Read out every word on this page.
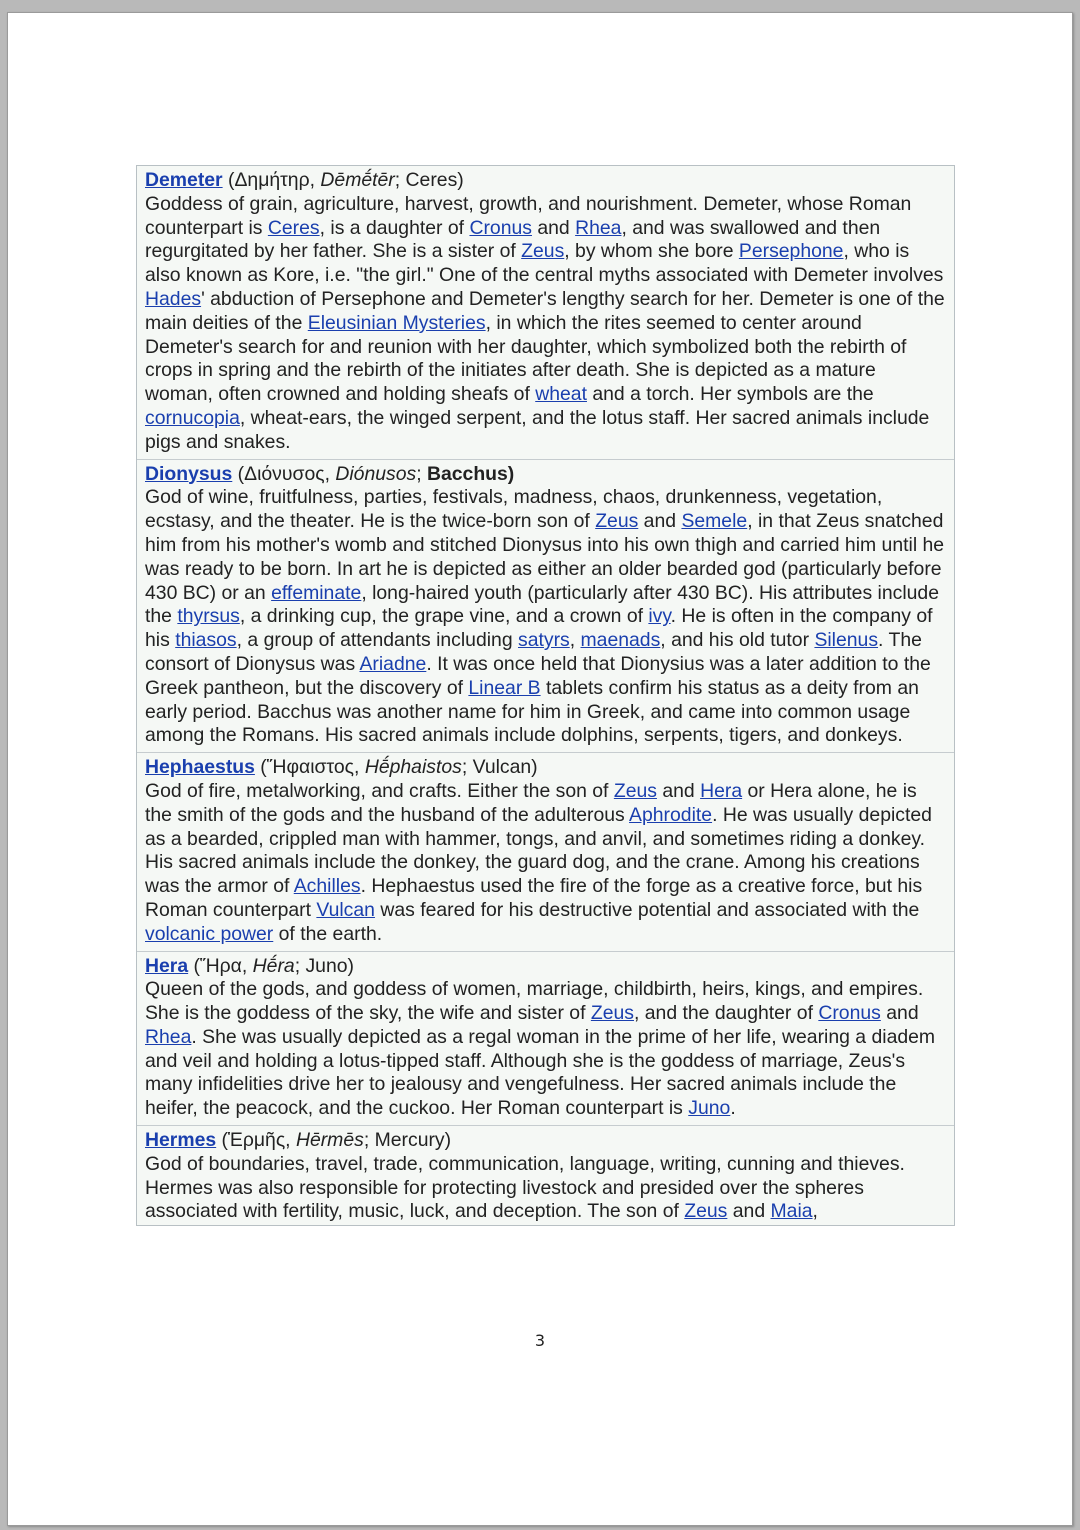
Demeter (Δημήτηρ, Dēmḗtēr; Ceres)
Goddess of grain, agriculture, harvest, growth, and nourishment. Demeter, whose Roman counterpart is Ceres, is a daughter of Cronus and Rhea, and was swallowed and then regurgitated by her father. She is a sister of Zeus, by whom she bore Persephone, who is also known as Kore, i.e. "the girl." One of the central myths associated with Demeter involves Hades' abduction of Persephone and Demeter's lengthy search for her. Demeter is one of the main deities of the Eleusinian Mysteries, in which the rites seemed to center around Demeter's search for and reunion with her daughter, which symbolized both the rebirth of crops in spring and the rebirth of the initiates after death. She is depicted as a mature woman, often crowned and holding sheafs of wheat and a torch. Her symbols are the cornucopia, wheat-ears, the winged serpent, and the lotus staff. Her sacred animals include pigs and snakes.
Dionysus (Διόνυσος, Diónusos; Bacchus)
God of wine, fruitfulness, parties, festivals, madness, chaos, drunkenness, vegetation, ecstasy, and the theater. He is the twice-born son of Zeus and Semele, in that Zeus snatched him from his mother's womb and stitched Dionysus into his own thigh and carried him until he was ready to be born. In art he is depicted as either an older bearded god (particularly before 430 BC) or an effeminate, long-haired youth (particularly after 430 BC). His attributes include the thyrsus, a drinking cup, the grape vine, and a crown of ivy. He is often in the company of his thiasos, a group of attendants including satyrs, maenads, and his old tutor Silenus. The consort of Dionysus was Ariadne. It was once held that Dionysius was a later addition to the Greek pantheon, but the discovery of Linear B tablets confirm his status as a deity from an early period. Bacchus was another name for him in Greek, and came into common usage among the Romans. His sacred animals include dolphins, serpents, tigers, and donkeys.
Hephaestus (Ἥφαιστος, Hḗphaistos; Vulcan)
God of fire, metalworking, and crafts. Either the son of Zeus and Hera or Hera alone, he is the smith of the gods and the husband of the adulterous Aphrodite. He was usually depicted as a bearded, crippled man with hammer, tongs, and anvil, and sometimes riding a donkey. His sacred animals include the donkey, the guard dog, and the crane. Among his creations was the armor of Achilles. Hephaestus used the fire of the forge as a creative force, but his Roman counterpart Vulcan was feared for his destructive potential and associated with the volcanic power of the earth.
Hera (Ἥρα, Hḗra; Juno)
Queen of the gods, and goddess of women, marriage, childbirth, heirs, kings, and empires. She is the goddess of the sky, the wife and sister of Zeus, and the daughter of Cronus and Rhea. She was usually depicted as a regal woman in the prime of her life, wearing a diadem and veil and holding a lotus-tipped staff. Although she is the goddess of marriage, Zeus's many infidelities drive her to jealousy and vengefulness. Her sacred animals include the heifer, the peacock, and the cuckoo. Her Roman counterpart is Juno.
Hermes (Ἑρμῆς, Hērmēs; Mercury)
God of boundaries, travel, trade, communication, language, writing, cunning and thieves. Hermes was also responsible for protecting livestock and presided over the spheres associated with fertility, music, luck, and deception. The son of Zeus and Maia,
3
